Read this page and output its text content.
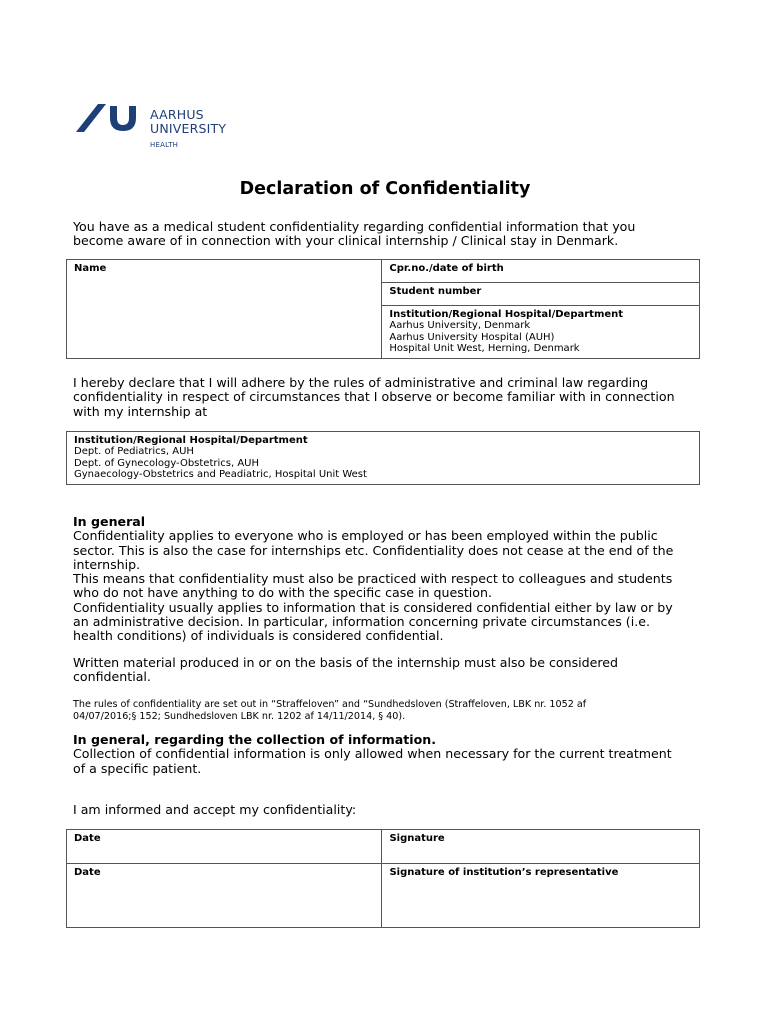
AARHUS
UNIVERSITY
HEALTH
Declaration of Confidentiality
You have as a medical student confidentiality regarding confidential information that you
become aware of in connection with your clinical internship / Clinical stay in Denmark.
Name	Cpr.no./date of birth

Student number

Institution/Regional Hospital/Department
Aarhus University, Denmark
Aarhus University Hospital (AUH)
Hospital Unit West, Herning, Denmark
I hereby declare that I will adhere by the rules of administrative and criminal law regarding
confidentiality in respect of circumstances that I observe or become familiar with in connection
with my internship at
Institution/Regional Hospital/Department
Dept. of Pediatrics, AUH
Dept. of Gynecology-Obstetrics, AUH
Gynaecology-Obstetrics and Peadiatric, Hospital Unit West
In general
Confidentiality applies to everyone who is employed or has been employed within the public
sector. This is also the case for internships etc. Confidentiality does not cease at the end of the
internship.
This means that confidentiality must also be practiced with respect to colleagues and students
who do not have anything to do with the specific case in question.
Confidentiality usually applies to information that is considered confidential either by law or by
an administrative decision. In particular, information concerning private circumstances (i.e.
health conditions) of individuals is considered confidential.
Written material produced in or on the basis of the internship must also be considered
confidential.
The rules of confidentiality are set out in “Straffeloven” and “Sundhedsloven (Straffeloven, LBK nr. 1052 af
04/07/2016;§ 152; Sundhedsloven LBK nr. 1202 af 14/11/2014, § 40).
In general, regarding the collection of information.
Collection of confidential information is only allowed when necessary for the current treatment
of a specific patient.
I am informed and accept my confidentiality:
Date	Signature

Date	Signature of institution’s representative
